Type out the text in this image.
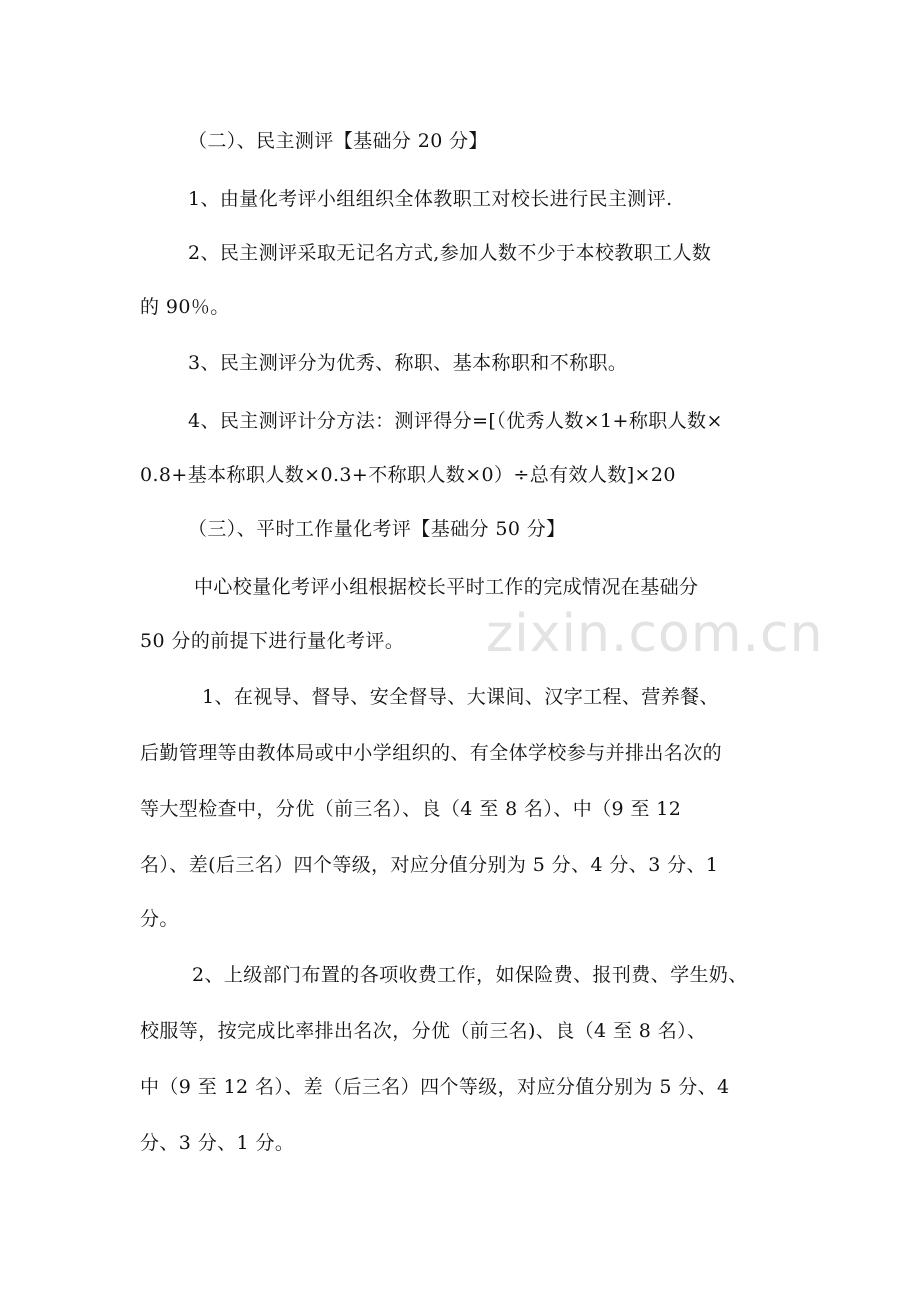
（二）、民主测评【基础分 20 分】
1、由量化考评小组组织全体教职工对校长进行民主测评.
2、民主测评采取无记名方式,参加人数不少于本校教职工人数
的 90％。
3、民主测评分为优秀、称职、基本称职和不称职。
4、民主测评计分方法：测评得分=[（优秀人数×1+称职人数×
0.8+基本称职人数×0.3+不称职人数×0）÷总有效人数]×20
（三）、平时工作量化考评【基础分 50 分】
中心校量化考评小组根据校长平时工作的完成情况在基础分
50 分的前提下进行量化考评。
1、在视导、督导、安全督导、大课间、汉字工程、营养餐、
后勤管理等由教体局或中小学组织的、有全体学校参与并排出名次的
等大型检查中，分优（前三名）、良（4 至 8 名）、中（9 至 12
名）、差(后三名）四个等级，对应分值分别为 5 分、4 分、3 分、1
分。
2、上级部门布置的各项收费工作，如保险费、报刊费、学生奶、
校服等，按完成比率排出名次，分优（前三名)、良（4 至 8 名）、
中（9 至 12 名）、差（后三名）四个等级，对应分值分别为 5 分、4
分、3 分、1 分。
zixin.com.cn
